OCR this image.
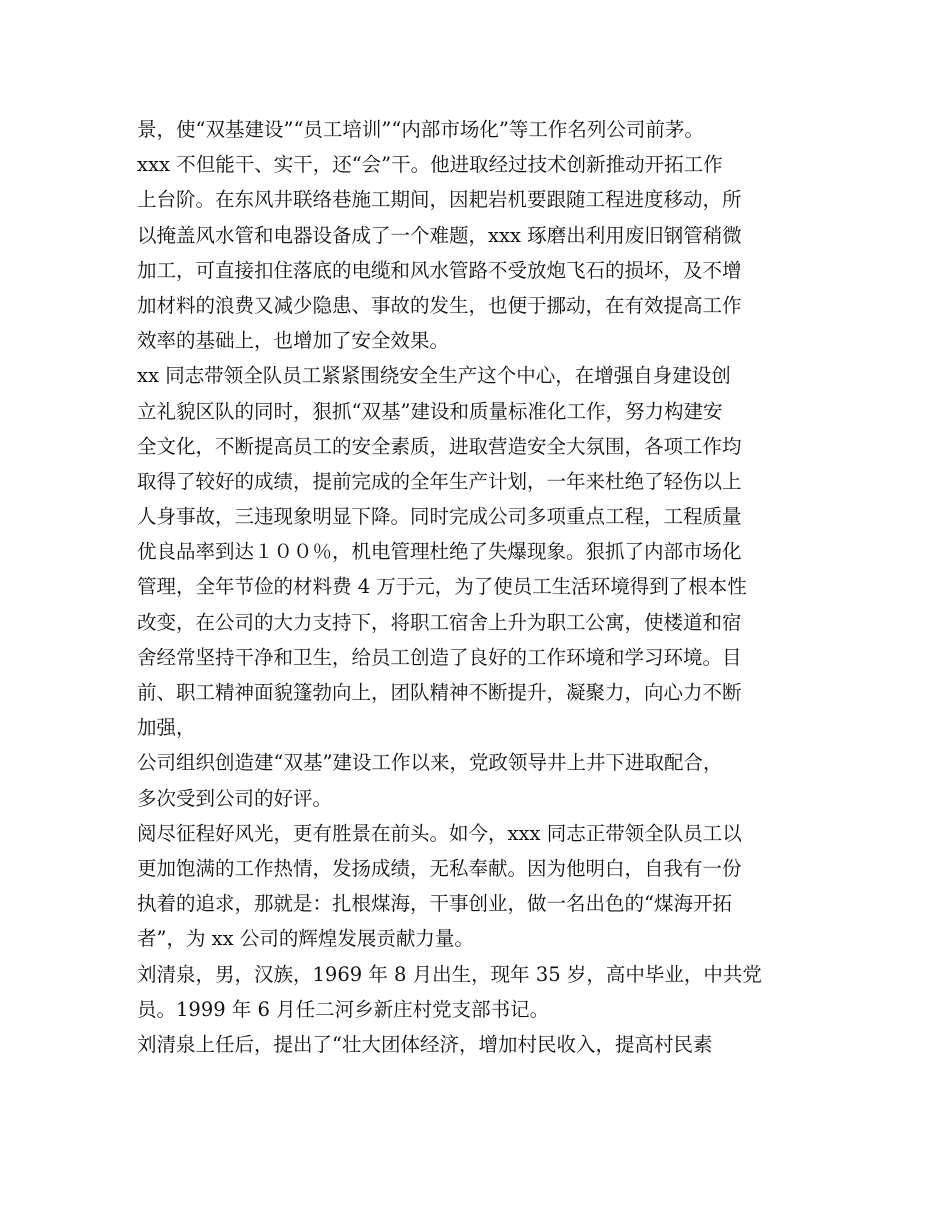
景，使“双基建设”“员工培训”“内部市场化”等工作名列公司前茅。
xxx 不但能干、实干，还“会”干。他进取经过技术创新推动开拓工作
上台阶。在东风井联络巷施工期间，因耙岩机要跟随工程进度移动，所
以掩盖风水管和电器设备成了一个难题，xxx 琢磨出利用废旧钢管稍微
加工，可直接扣住落底的电缆和风水管路不受放炮飞石的损坏，及不增
加材料的浪费又减少隐患、事故的发生，也便于挪动，在有效提高工作
效率的基础上，也增加了安全效果。
xx 同志带领全队员工紧紧围绕安全生产这个中心，在增强自身建设创
立礼貌区队的同时，狠抓“双基”建设和质量标准化工作，努力构建安
全文化，不断提高员工的安全素质，进取营造安全大氛围，各项工作均
取得了较好的成绩，提前完成的全年生产计划，一年来杜绝了轻伤以上
人身事故，三违现象明显下降。同时完成公司多项重点工程，工程质量
优良品率到达１００％，机电管理杜绝了失爆现象。狠抓了内部市场化
管理，全年节俭的材料费 4 万于元，为了使员工生活环境得到了根本性
改变，在公司的大力支持下，将职工宿舍上升为职工公寓，使楼道和宿
舍经常坚持干净和卫生，给员工创造了良好的工作环境和学习环境。目
前、职工精神面貌篷勃向上，团队精神不断提升，凝聚力，向心力不断
加强，
公司组织创造建“双基”建设工作以来，党政领导井上井下进取配合，
多次受到公司的好评。
阅尽征程好风光，更有胜景在前头。如今，xxx 同志正带领全队员工以
更加饱满的工作热情，发扬成绩，无私奉献。因为他明白，自我有一份
执着的追求，那就是：扎根煤海，干事创业，做一名出色的“煤海开拓
者”，为 xx 公司的辉煌发展贡献力量。
刘清泉，男，汉族，1969 年 8 月出生，现年 35 岁，高中毕业，中共党
员。1999 年 6 月任二河乡新庄村党支部书记。
刘清泉上任后，提出了“壮大团体经济，增加村民收入，提高村民素
